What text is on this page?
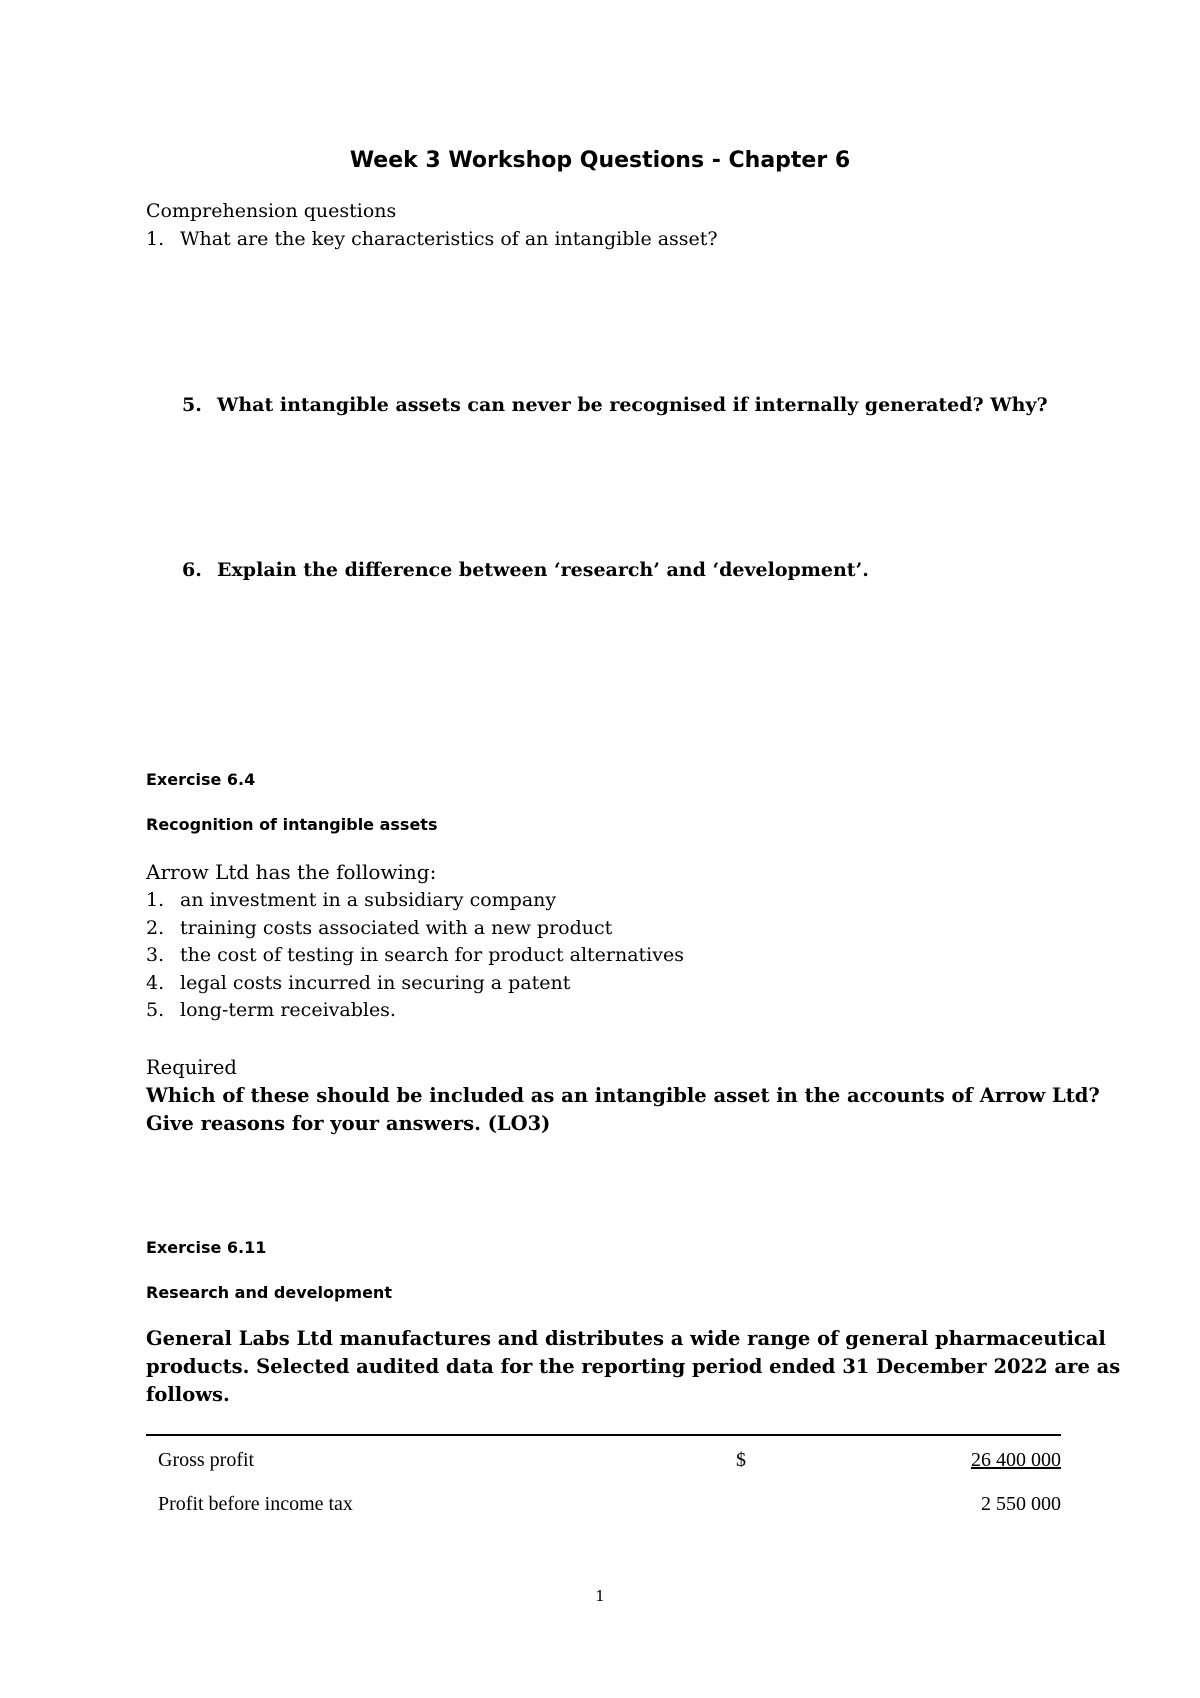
Week 3 Workshop Questions - Chapter 6
Comprehension questions
1. What are the key characteristics of an intangible asset?
5. What intangible assets can never be recognised if internally generated? Why?
6. Explain the difference between ‘research’ and ‘development’.
Exercise 6.4
Recognition of intangible assets
Arrow Ltd has the following:
1. an investment in a subsidiary company
2. training costs associated with a new product
3. the cost of testing in search for product alternatives
4. legal costs incurred in securing a patent
5. long-term receivables.
Required
Which of these should be included as an intangible asset in the accounts of Arrow Ltd?
Give reasons for your answers. (LO3)
Exercise 6.11
Research and development
General Labs Ltd manufactures and distributes a wide range of general pharmaceutical
products. Selected audited data for the reporting period ended 31 December 2022 are as
follows.
Gross profit	$	26 400 000
Profit before income tax	2 550 000
1
